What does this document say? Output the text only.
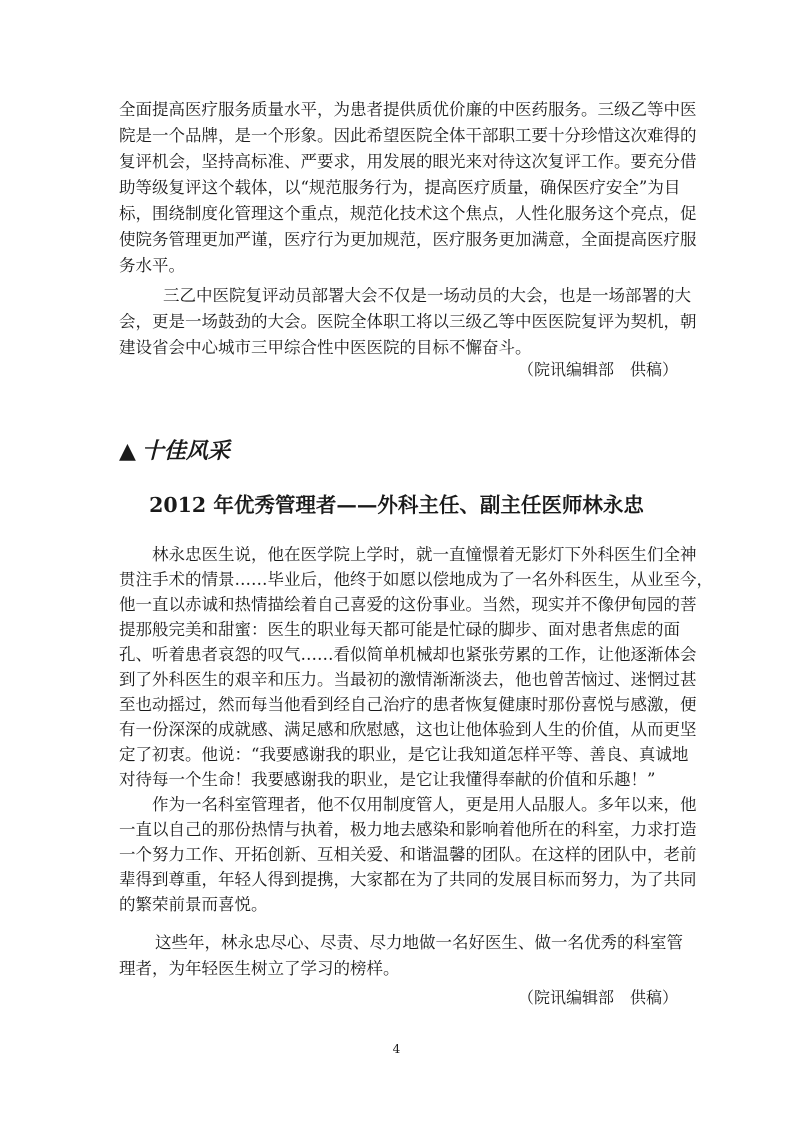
全面提高医疗服务质量水平，为患者提供质优价廉的中医药服务。三级乙等中医
院是一个品牌，是一个形象。因此希望医院全体干部职工要十分珍惜这次难得的
复评机会，坚持高标准、严要求，用发展的眼光来对待这次复评工作。要充分借
助等级复评这个载体，以“规范服务行为，提高医疗质量，确保医疗安全”为目
标，围绕制度化管理这个重点，规范化技术这个焦点，人性化服务这个亮点，促
使院务管理更加严谨，医疗行为更加规范，医疗服务更加满意，全面提高医疗服
务水平。
三乙中医院复评动员部署大会不仅是一场动员的大会，也是一场部署的大
会，更是一场鼓劲的大会。医院全体职工将以三级乙等中医医院复评为契机，朝
建设省会中心城市三甲综合性中医医院的目标不懈奋斗。
（院讯编辑部　供稿）
▲ 十佳风采
2012 年优秀管理者——外科主任、副主任医师林永忠
林永忠医生说，他在医学院上学时，就一直憧憬着无影灯下外科医生们全神
贯注手术的情景……毕业后，他终于如愿以偿地成为了一名外科医生，从业至今，
他一直以赤诚和热情描绘着自己喜爱的这份事业。当然，现实并不像伊甸园的菩
提那般完美和甜蜜：医生的职业每天都可能是忙碌的脚步、面对患者焦虑的面
孔、听着患者哀怨的叹气……看似简单机械却也紧张劳累的工作，让他逐渐体会
到了外科医生的艰辛和压力。当最初的激情渐渐淡去，他也曾苦恼过、迷惘过甚
至也动摇过，然而每当他看到经自己治疗的患者恢复健康时那份喜悦与感激，便
有一份深深的成就感、满足感和欣慰感，这也让他体验到人生的价值，从而更坚
定了初衷。他说：“我要感谢我的职业，是它让我知道怎样平等、善良、真诚地
对待每一个生命！我要感谢我的职业，是它让我懂得奉献的价值和乐趣！”
作为一名科室管理者，他不仅用制度管人，更是用人品服人。多年以来，他
一直以自己的那份热情与执着，极力地去感染和影响着他所在的科室，力求打造
一个努力工作、开拓创新、互相关爱、和谐温馨的团队。在这样的团队中，老前
辈得到尊重，年轻人得到提携，大家都在为了共同的发展目标而努力，为了共同
的繁荣前景而喜悦。
这些年，林永忠尽心、尽责、尽力地做一名好医生、做一名优秀的科室管
理者，为年轻医生树立了学习的榜样。
（院讯编辑部　供稿）
4
